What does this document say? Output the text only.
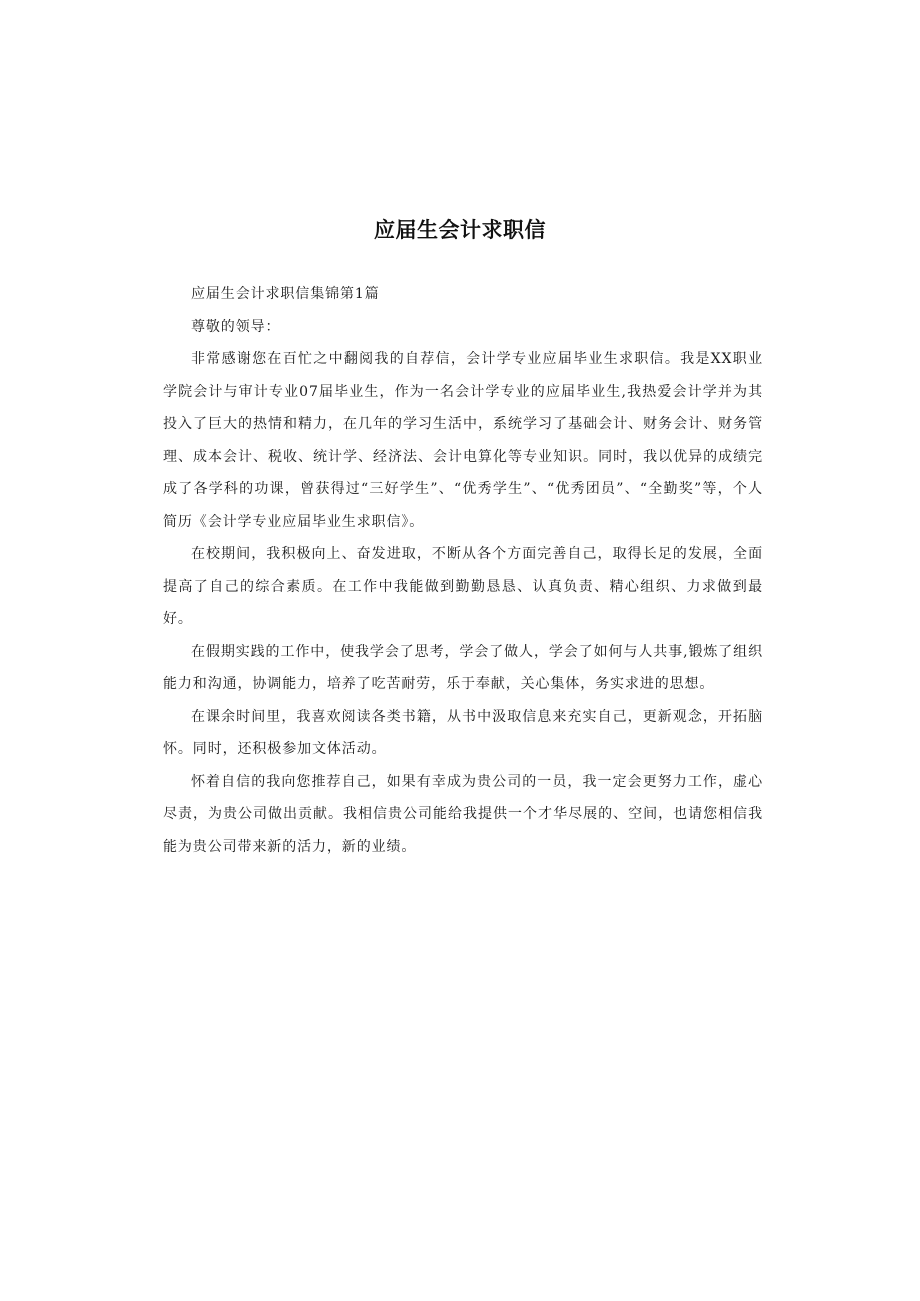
应届生会计求职信

应届生会计求职信集锦第1篇

尊敬的领导：

非常感谢您在百忙之中翻阅我的自荐信，会计学专业应届毕业生求职信。我是XX职业学院会计与审计专业07届毕业生，作为一名会计学专业的应届毕业生,我热爱会计学并为其投入了巨大的热情和精力，在几年的学习生活中，系统学习了基础会计、财务会计、财务管理、成本会计、税收、统计学、经济法、会计电算化等专业知识。同时，我以优异的成绩完成了各学科的功课，曾获得过“三好学生”、“优秀学生”、“优秀团员”、“全勤奖”等，个人简历《会计学专业应届毕业生求职信》。

在校期间，我积极向上、奋发进取，不断从各个方面完善自己，取得长足的发展，全面提高了自己的综合素质。在工作中我能做到勤勤恳恳、认真负责、精心组织、力求做到最好。

在假期实践的工作中，使我学会了思考，学会了做人，学会了如何与人共事,锻炼了组织能力和沟通，协调能力，培养了吃苦耐劳，乐于奉献，关心集体，务实求进的思想。

在课余时间里，我喜欢阅读各类书籍，从书中汲取信息来充实自己，更新观念，开拓脑怀。同时，还积极参加文体活动。

怀着自信的我向您推荐自己，如果有幸成为贵公司的一员，我一定会更努力工作，虚心尽责，为贵公司做出贡献。我相信贵公司能给我提供一个才华尽展的、空间，也请您相信我能为贵公司带来新的活力，新的业绩。
